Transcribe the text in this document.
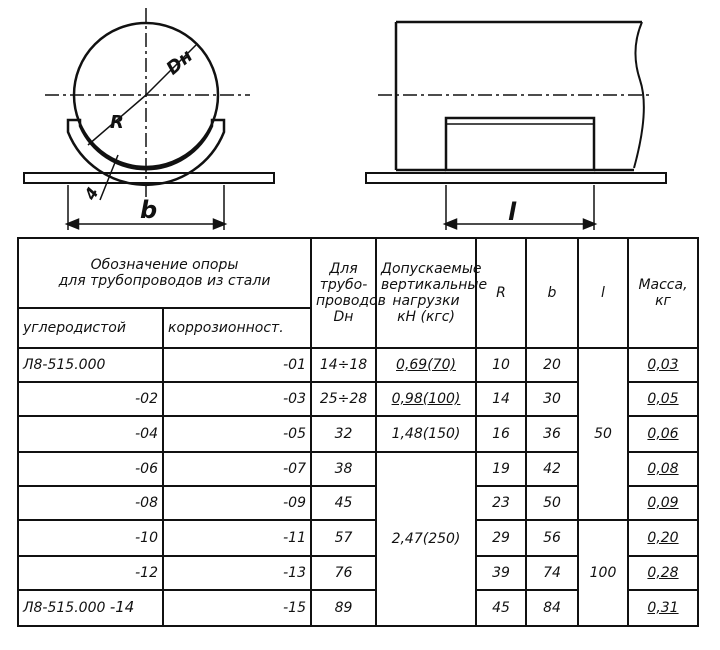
Dн
R
4
b	l
Обозначение опоры
для трубопроводов из стали		Для
трубо-
проводов
Dн	Допускаемые
вертикальные
нагрузки
кН (кгс)	R	b	l	Масса,
кг
углеродистой	коррозионност.						
Л8-515.000	-01	14÷18	0,69(70)	10	20	50	0,03
-02	-03	25÷28	0,98(100)	14	30		0,05
-04	-05	32	1,48(150)	16	36		0,06
-06	-07	38	2,47(250)	19	42		0,08
-08	-09	45		23	50		0,09
-10	-11	57		29	56	100	0,20
-12	-13	76		39	74		0,28
Л8-515.000 -14	-15	89		45	84		0,31
